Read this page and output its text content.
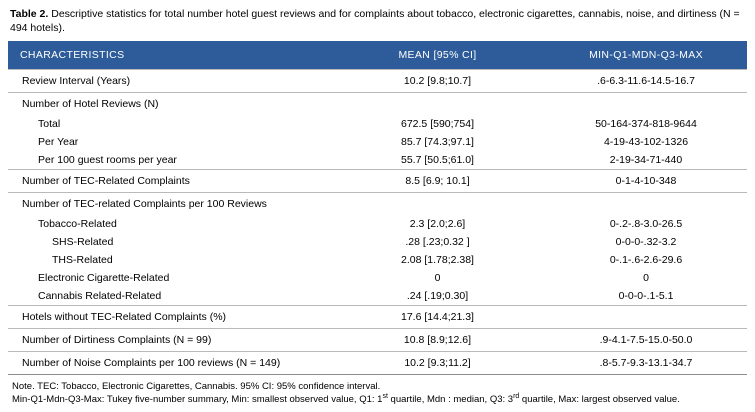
Table 2. Descriptive statistics for total number hotel guest reviews and for complaints about tobacco, electronic cigarettes, cannabis, noise, and dirtiness (N = 494 hotels).
CHARACTERISTICS	MEAN [95% CI]	MIN-Q1-MDN-Q3-MAX
Review Interval (Years)	10.2 [9.8;10.7]	.6-6.3-11.6-14.5-16.7
Number of Hotel Reviews (N)		
Total	672.5 [590;754]	50-164-374-818-9644
Per Year	85.7 [74.3;97.1]	4-19-43-102-1326
Per 100 guest rooms per year	55.7 [50.5;61.0]	2-19-34-71-440
Number of TEC-Related Complaints	8.5 [6.9; 10.1]	0-1-4-10-348
Number of TEC-related Complaints per 100 Reviews		
Tobacco-Related	2.3 [2.0;2.6]	0-.2-.8-3.0-26.5
SHS-Related	.28 [.23;0.32 ]	0-0-0-.32-3.2
THS-Related	2.08 [1.78;2.38]	0-.1-.6-2.6-29.6
Electronic Cigarette-Related	0	0
Cannabis Related-Related	.24 [.19;0.30]	0-0-0-.1-5.1
Hotels without TEC-Related Complaints (%)	17.6 [14.4;21.3]	
Number of Dirtiness Complaints (N = 99)	10.8 [8.9;12.6]	.9-4.1-7.5-15.0-50.0
Number of Noise Complaints per 100 reviews (N = 149)	10.2 [9.3;11.2]	.8-5.7-9.3-13.1-34.7
Note. TEC: Tobacco, Electronic Cigarettes, Cannabis. 95% CI: 95% confidence interval.
Min-Q1-Mdn-Q3-Max: Tukey five-number summary, Min: smallest observed value, Q1: 1st quartile, Mdn : median, Q3: 3rd quartile, Max: largest observed value.
